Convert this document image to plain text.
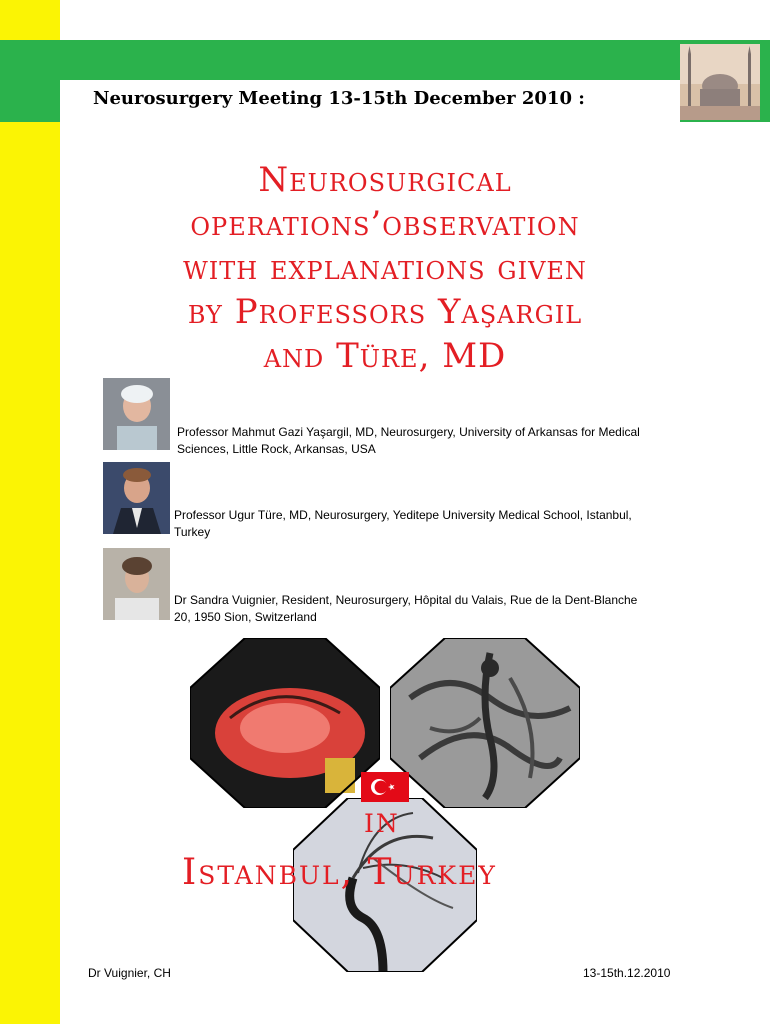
Neurosurgery Meeting 13-15th December 2010 :
Neurosurgical
operations’observation
with explanations given
by Professors Yaşargil
and Türe, MD
Professor Mahmut Gazi Yaşargil, MD, Neurosurgery, University of Arkansas for Medical
Sciences, Little Rock, Arkansas, USA
Professor Ugur Türe, MD, Neurosurgery, Yeditepe University Medical School, Istanbul,
Turkey
Dr Sandra Vuignier, Resident, Neurosurgery, Hôpital du Valais, Rue de la Dent-Blanche
20, 1950 Sion, Switzerland
in
Istanbul, Turkey
Dr Vuignier, CH	13-15th.12.2010
